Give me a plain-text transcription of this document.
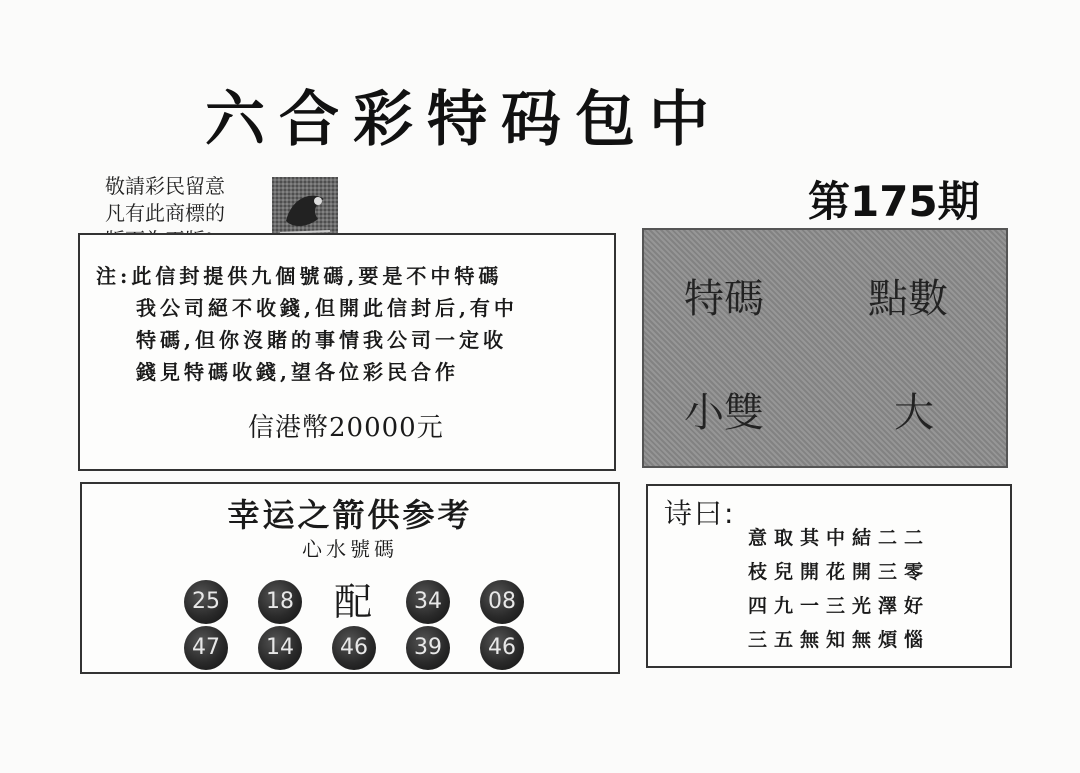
六合彩特码包中
敬請彩民留意
凡有此商標的	第175期
注:此信封提供九個號碼,要是不中特碼
我公司絕不收錢,但開此信封后,有中
特碼,但你沒賭的事情我公司一定收
錢見特碼收錢,望各位彩民合作
信港幣20000元
特碼	點數
小雙	大
幸运之箭供参考
心水號碼
25	18 配	34	08
47	14	46	39	46
诗曰:
意取其中結二二
枝兒開花開三零
四九一三光澤好
三五無知無煩惱
